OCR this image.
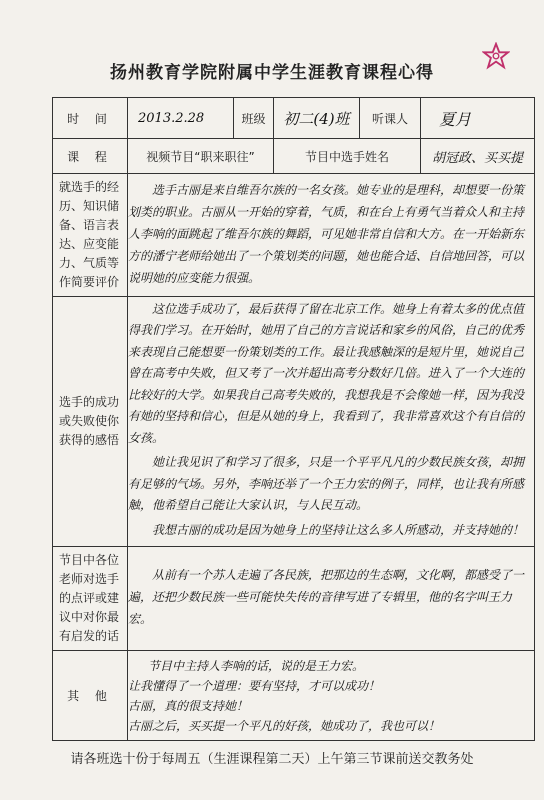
扬州教育学院附属中学生涯教育课程心得
时 间	2013.2.28	班级	初二(4)班	听课人	夏月
课 程	视频节目“职来职往”		节目中选手姓名		胡冠政、买买提
就选手的经历、知识储备、语言表达、应变能力、气质等作简要评价	选手古丽是来自维吾尔族的一名女孩。她专业的是理科，却想要一份策划类的职业。古丽从一开始的穿着，气质，和在台上有勇气当着众人和主持人李响的面跳起了维吾尔族的舞蹈，可见她非常自信和大方。在一开始新东方的潘宁老师给她出了一个策划类的问题，她也能合适、自信地回答，可以说明她的应变能力很强。				

选手的成功或失败使你获得的感悟	这位选手成功了，最后获得了留在北京工作。她身上有着太多的优点值得我们学习。在开始时，她用了自己的方言说话和家乡的风俗，自己的优秀来表现自己能想要一份策划类的工作。最让我感触深的是短片里，她说自己曾在高考中失败，但又考了一次并超出高考分数好几倍。进入了一个大连的比较好的大学。如果我自己高考失败的，我想我是不会像她一样，因为我没有她的坚持和信心，但是从她的身上，我看到了，我非常喜欢这个有自信的女孩。

她让我见识了和学习了很多，只是一个平平凡凡的少数民族女孩，却拥有足够的气场。另外，李响还举了一个王力宏的例子，同样，也让我有所感触，他希望自己能让大家认识，与人民互动。

我想古丽的成功是因为她身上的坚持让这么多人所感动，并支持她的！				

节目中各位老师对选手的点评或建议中对你最有启发的话	从前有一个苏人走遍了各民族，把那边的生态啊，文化啊，都感受了一遍，还把少数民族一些可能快失传的音律写进了专辑里，他的名字叫王力宏。				

其 他	节目中主持人李响的话，说的是王力宏。
让我懂得了一个道理：要有坚持，才可以成功！
古丽，真的很支持她！
古丽之后，买买提一个平凡的好孩，她成功了，我也可以！				
请各班选十份于每周五（生涯课程第二天）上午第三节课前送交教务处
